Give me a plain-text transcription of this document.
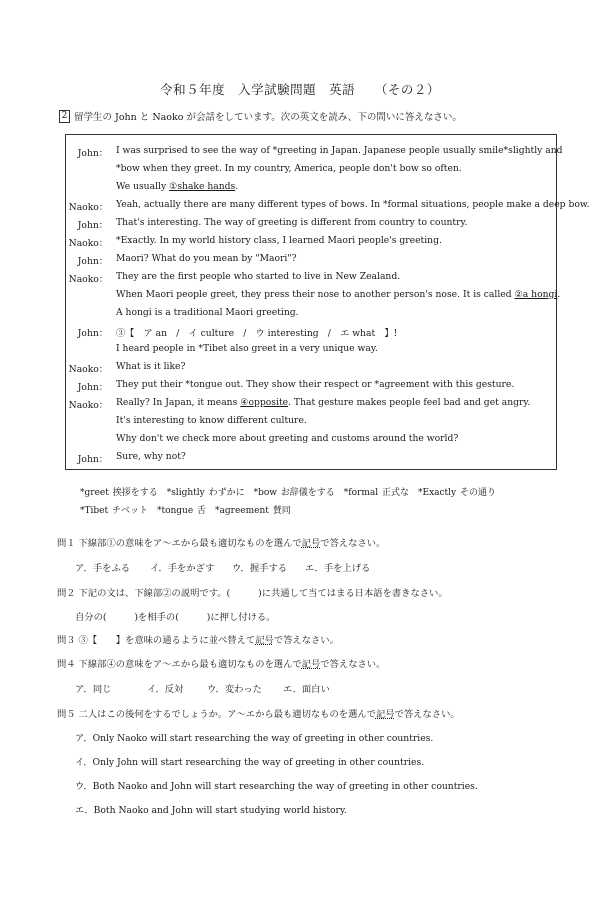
令和５年度　入学試験問題　英語　　（その２）
2 留学生の John と Naoko が会話をしています。次の英文を読み、下の問いに答えなさい。
John： I was surprised to see the way of *greeting in Japan. Japanese people usually smile*slightly and
*bow when they greet. In my country, America, people don't bow so often.
We usually ①shake hands.
Naoko： Yeah, actually there are many different types of bows. In *formal situations, people make a deep bow.
John： That's interesting. The way of greeting is different from country to country.
Naoko： *Exactly. In my world history class, I learned Maori people's greeting.
John： Maori? What do you mean by "Maori"?
Naoko： They are the first people who started to live in New Zealand.
When Maori people greet, they press their nose to another person's nose. It is called ②a hongi.
A hongi is a traditional Maori greeting.
John： ③【　ア an　/　イ culture　/　ウ interesting　/　エ what　】!
I heard people in *Tibet also greet in a very unique way.
Naoko： What is it like?
John： They put their *tongue out. They show their respect or *agreement with this gesture.
Naoko： Really? In Japan, it means ④opposite. That gesture makes people feel bad and get angry.
It's interesting to know different culture.
Why don't we check more about greeting and customs around the world?
John： Sure, why not?
*greet 挨拶をする　*slightly わずかに　*bow お辞儀をする　*formal 正式な　*Exactly その通り
*Tibet チベット　*tongue 舌　*agreement 賛同
問１ 下線部①の意味をア～エから最も適切なものを選んで記号で答えなさい。
ア．手をふる イ．手をかざす ウ．握手する エ．手を上げる
問２ 下記の文は、下線部②の説明です。(　　　)に共通して当てはまる日本語を書きなさい。
自分の(　　　)を相手の(　　　)に押し付ける。
問３ ③【　　】を意味の通るように並べ替えて記号で答えなさい。
問４ 下線部④の意味をア～エから最も適切なものを選んで記号で答えなさい。
ア．同じ	イ．反対	ウ．変わった エ．面白い
問５ 二人はこの後何をするでしょうか。ア～エから最も適切なものを選んで記号で答えなさい。
ア．Only Naoko will start researching the way of greeting in other countries.
イ．Only John will start researching the way of greeting in other countries.
ウ．Both Naoko and John will start researching the way of greeting in other countries.
エ．Both Naoko and John will start studying world history.
